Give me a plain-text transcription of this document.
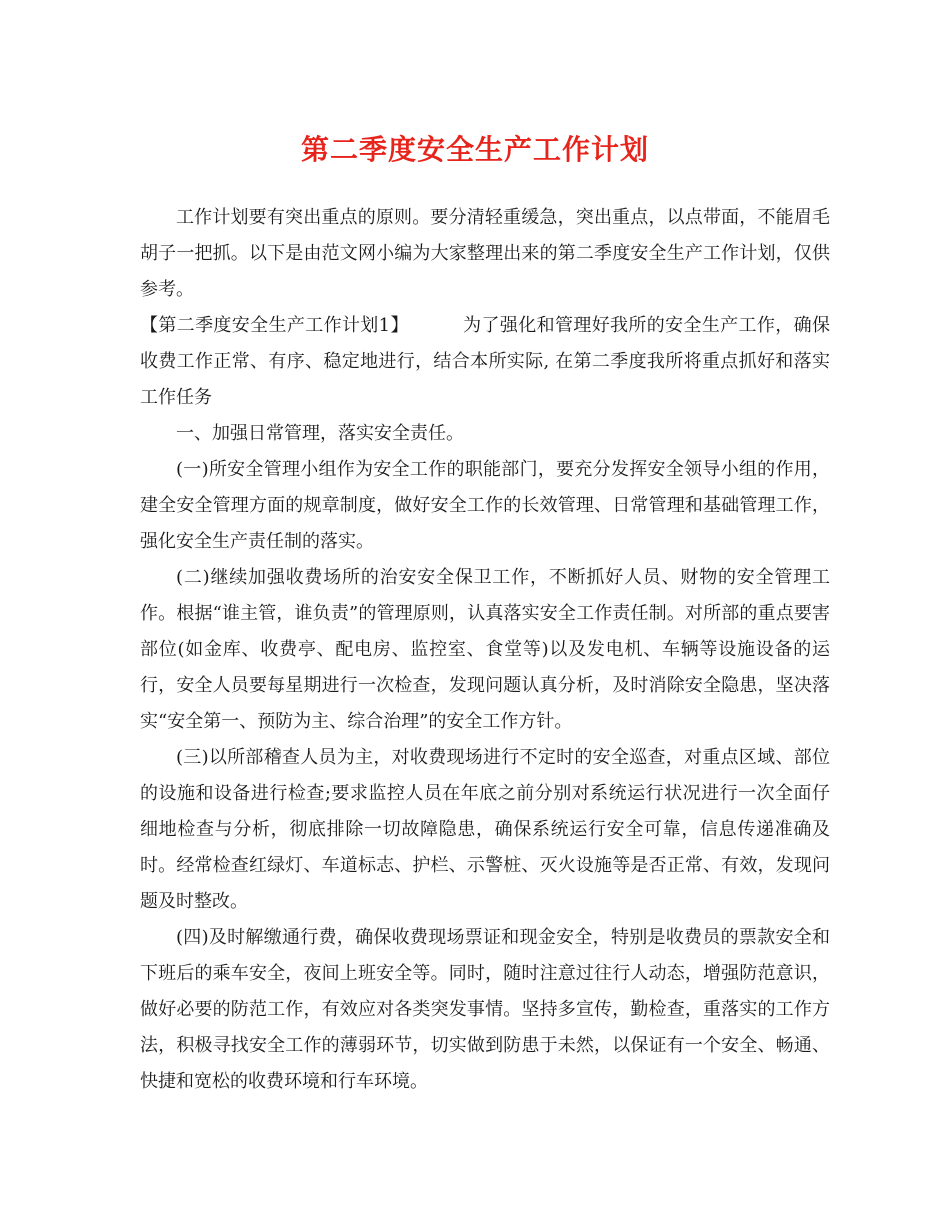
第二季度安全生产工作计划

工作计划要有突出重点的原则。要分清轻重缓急，突出重点，以点带面，不能眉毛胡子一把抓。以下是由范文网小编为大家整理出来的第二季度安全生产工作计划，仅供参考。

【第二季度安全生产工作计划1】	为了强化和管理好我所的安全生产工作，确保收费工作正常、有序、稳定地进行，结合本所实际, 在第二季度我所将重点抓好和落实工作任务

一、加强日常管理，落实安全责任。

(一)所安全管理小组作为安全工作的职能部门，要充分发挥安全领导小组的作用，建全安全管理方面的规章制度，做好安全工作的长效管理、日常管理和基础管理工作，强化安全生产责任制的落实。

(二)继续加强收费场所的治安安全保卫工作，不断抓好人员、财物的安全管理工作。根据“谁主管，谁负责”的管理原则，认真落实安全工作责任制。对所部的重点要害部位(如金库、收费亭、配电房、监控室、食堂等)以及发电机、车辆等设施设备的运行，安全人员要每星期进行一次检查，发现问题认真分析，及时消除安全隐患，坚决落实“安全第一、预防为主、综合治理”的安全工作方针。

(三)以所部稽查人员为主，对收费现场进行不定时的安全巡查，对重点区域、部位的设施和设备进行检查;要求监控人员在年底之前分别对系统运行状况进行一次全面仔细地检查与分析，彻底排除一切故障隐患，确保系统运行安全可靠，信息传递准确及时。经常检查红绿灯、车道标志、护栏、示警桩、灭火设施等是否正常、有效，发现问题及时整改。

(四)及时解缴通行费，确保收费现场票证和现金安全，特别是收费员的票款安全和下班后的乘车安全，夜间上班安全等。同时，随时注意过往行人动态，增强防范意识，做好必要的防范工作，有效应对各类突发事情。坚持多宣传，勤检查，重落实的工作方法，积极寻找安全工作的薄弱环节，切实做到防患于未然，以保证有一个安全、畅通、快捷和宽松的收费环境和行车环境。
